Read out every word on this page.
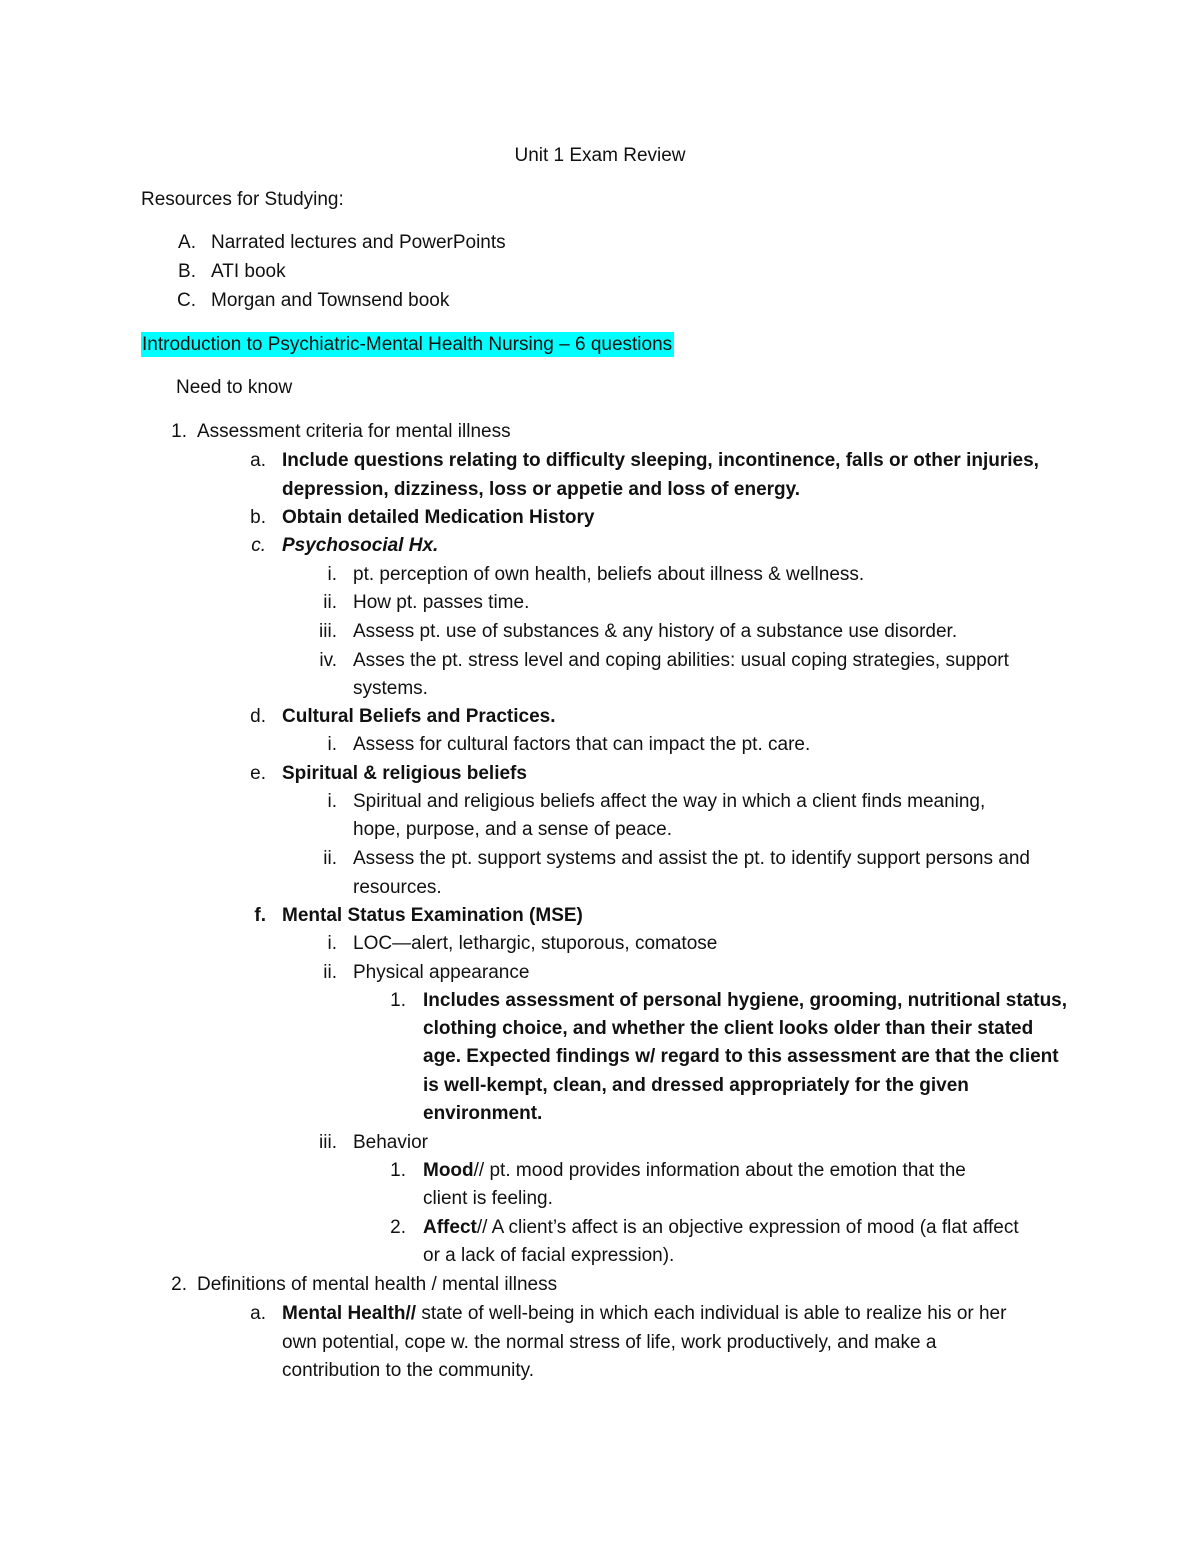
Unit 1 Exam Review
Resources for Studying:
A. Narrated lectures and PowerPoints
B. ATI book
C. Morgan and Townsend book
Introduction to Psychiatric-Mental Health Nursing – 6 questions
Need to know
1. Assessment criteria for mental illness
a. Include questions relating to difficulty sleeping, incontinence, falls or other injuries,
depression, dizziness, loss or appetie and loss of energy.
b. Obtain detailed Medication History
c. Psychosocial Hx.
i. pt. perception of own health, beliefs about illness & wellness.
ii. How pt. passes time.
iii. Assess pt. use of substances & any history of a substance use disorder.
iv. Asses the pt. stress level and coping abilities: usual coping strategies, support
systems.
d. Cultural Beliefs and Practices.
i. Assess for cultural factors that can impact the pt. care.
e. Spiritual & religious beliefs
i. Spiritual and religious beliefs affect the way in which a client finds meaning,
hope, purpose, and a sense of peace.
ii. Assess the pt. support systems and assist the pt. to identify support persons and
resources.
f. Mental Status Examination (MSE)
i. LOC—alert, lethargic, stuporous, comatose
ii. Physical appearance
1. Includes assessment of personal hygiene, grooming, nutritional status,
clothing choice, and whether the client looks older than their stated
age. Expected findings w/ regard to this assessment are that the client
is well-kempt, clean, and dressed appropriately for the given
environment.
iii. Behavior
1. Mood// pt. mood provides information about the emotion that the
client is feeling.
2. Affect// A client’s affect is an objective expression of mood (a flat affect
or a lack of facial expression).
2. Definitions of mental health / mental illness
a. Mental Health// state of well-being in which each individual is able to realize his or her
own potential, cope w. the normal stress of life, work productively, and make a
contribution to the community.
